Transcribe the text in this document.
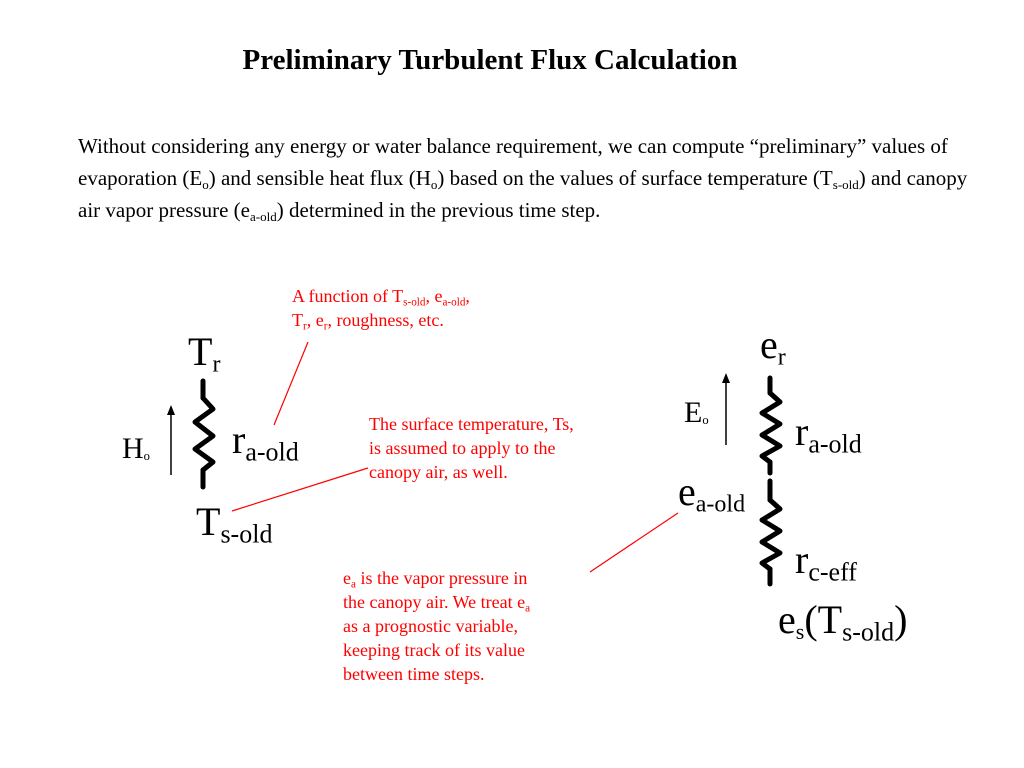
Preliminary Turbulent Flux Calculation
Without considering any energy or water balance requirement, we can compute “preliminary” values of evaporation $(E_o)$ and sensible heat flux $(H_o)$ based on the values of surface temperature $(T_{s-old})$ and canopy air vapor pressure $(e_{a-old})$ determined in the previous time step.
$T_r$
$r_{a-old}$
$H_o$
$T_{s-old}$
$e_r$
$E_o$ $r_{a-old}$
$e_{a-old}$
$r_{c-eff}$
$e_s(T_{s-old})$
A function of $T_{s-old}$, $e_{a-old}$,
$T_r$, $e_r$, roughness, etc.
The surface temperature, Ts,
is assumed to apply to the
canopy air, as well.
$e_a$ is the vapor pressure in
the canopy air. We treat $e_a$
as a prognostic variable,
keeping track of its value
between time steps.
